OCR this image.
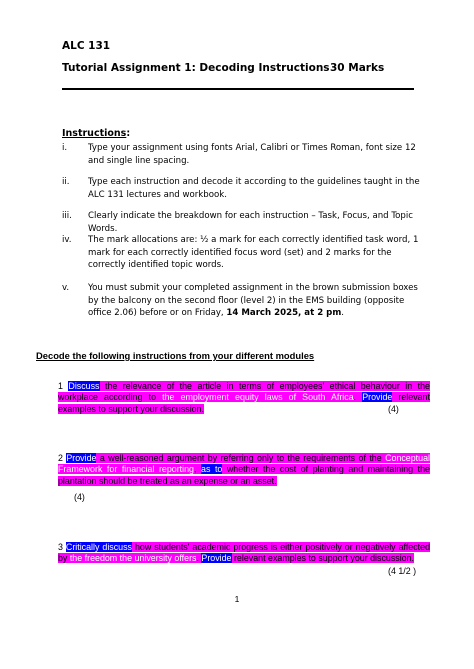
ALC 131
Tutorial Assignment 1: Decoding Instructions 30 Marks
Instructions:
i.	Type your assignment using fonts Arial, Calibri or Times Roman, font size 12 and single line spacing.
ii.	Type each instruction and decode it according to the guidelines taught in the ALC 131 lectures and workbook.
iii.	Clearly indicate the breakdown for each instruction – Task, Focus, and Topic Words.
iv.	The mark allocations are: ½ a mark for each correctly identified task word, 1 mark for each correctly identified focus word (set) and 2 marks for the correctly identified topic words.
v.	You must submit your completed assignment in the brown submission boxes by the balcony on the second floor (level 2) in the EMS building (opposite office 2.06) before or on Friday, 14 March 2025, at 2 pm.
Decode the following instructions from your different modules
1 Discuss the relevance of the article in terms of employees' ethical behaviour in the workplace according to the employment equity laws of South Africa. Provide relevant examples to support your discussion.	(4)
2 Provide a well-reasoned argument by referring only to the requirements of the Conceptual Framework for financial reporting, as to whether the cost of planting and maintaining the plantation should be treated as an expense or an asset.
(4)
3 Critically discuss how students' academic progress is either positively or negatively affected by the freedom the university offers. Provide relevant examples to support your discussion.
(4 1/2 )
1
